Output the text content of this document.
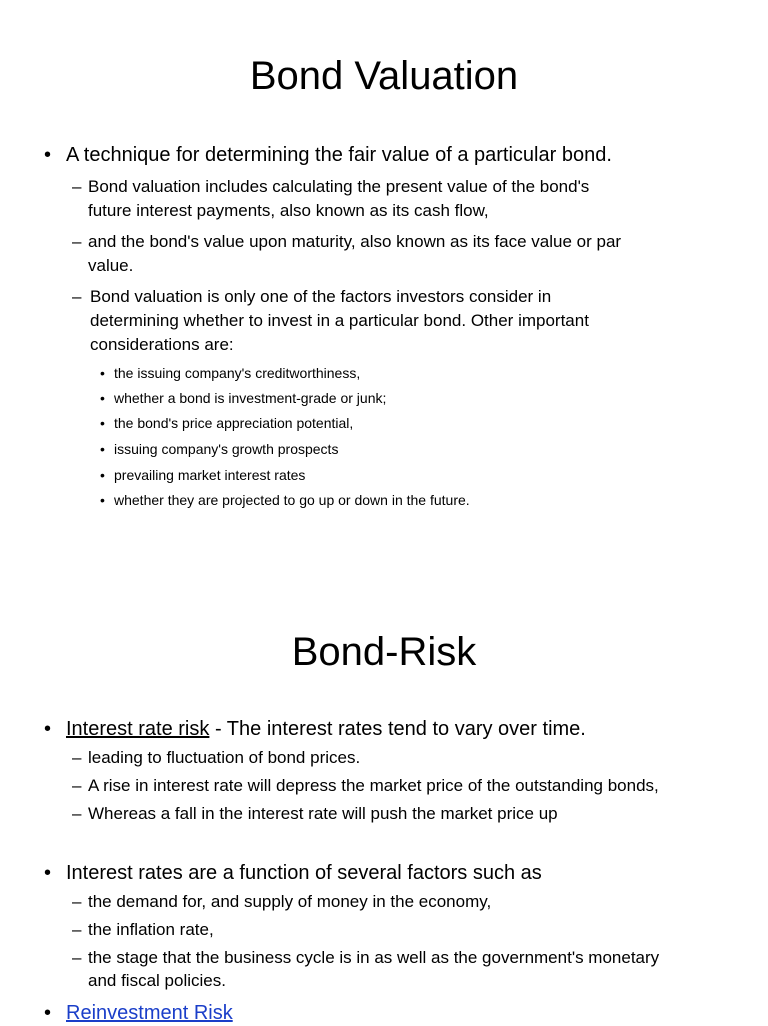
Bond Valuation
• A technique for determining the fair value of a particular bond.
– Bond valuation includes calculating the present value of the bond's
future interest payments, also known as its cash flow,
– and the bond's value upon maturity, also known as its face value or par
value.
– Bond valuation is only one of the factors investors consider in
determining whether to invest in a particular bond. Other important
considerations are:
• the issuing company's creditworthiness,
• whether a bond is investment-grade or junk;
• the bond's price appreciation potential,
• issuing company's growth prospects
• prevailing market interest rates
• whether they are projected to go up or down in the future.
Bond-Risk
• Interest rate risk - The interest rates tend to vary over time.
– leading to fluctuation of bond prices.
– A rise in interest rate will depress the market price of the outstanding bonds,
– Whereas a fall in the interest rate will push the market price up
• Interest rates are a function of several factors such as
– the demand for, and supply of money in the economy,
– the inflation rate,
– the stage that the business cycle is in as well as the government's monetary
and fiscal policies.
• Reinvestment Risk
